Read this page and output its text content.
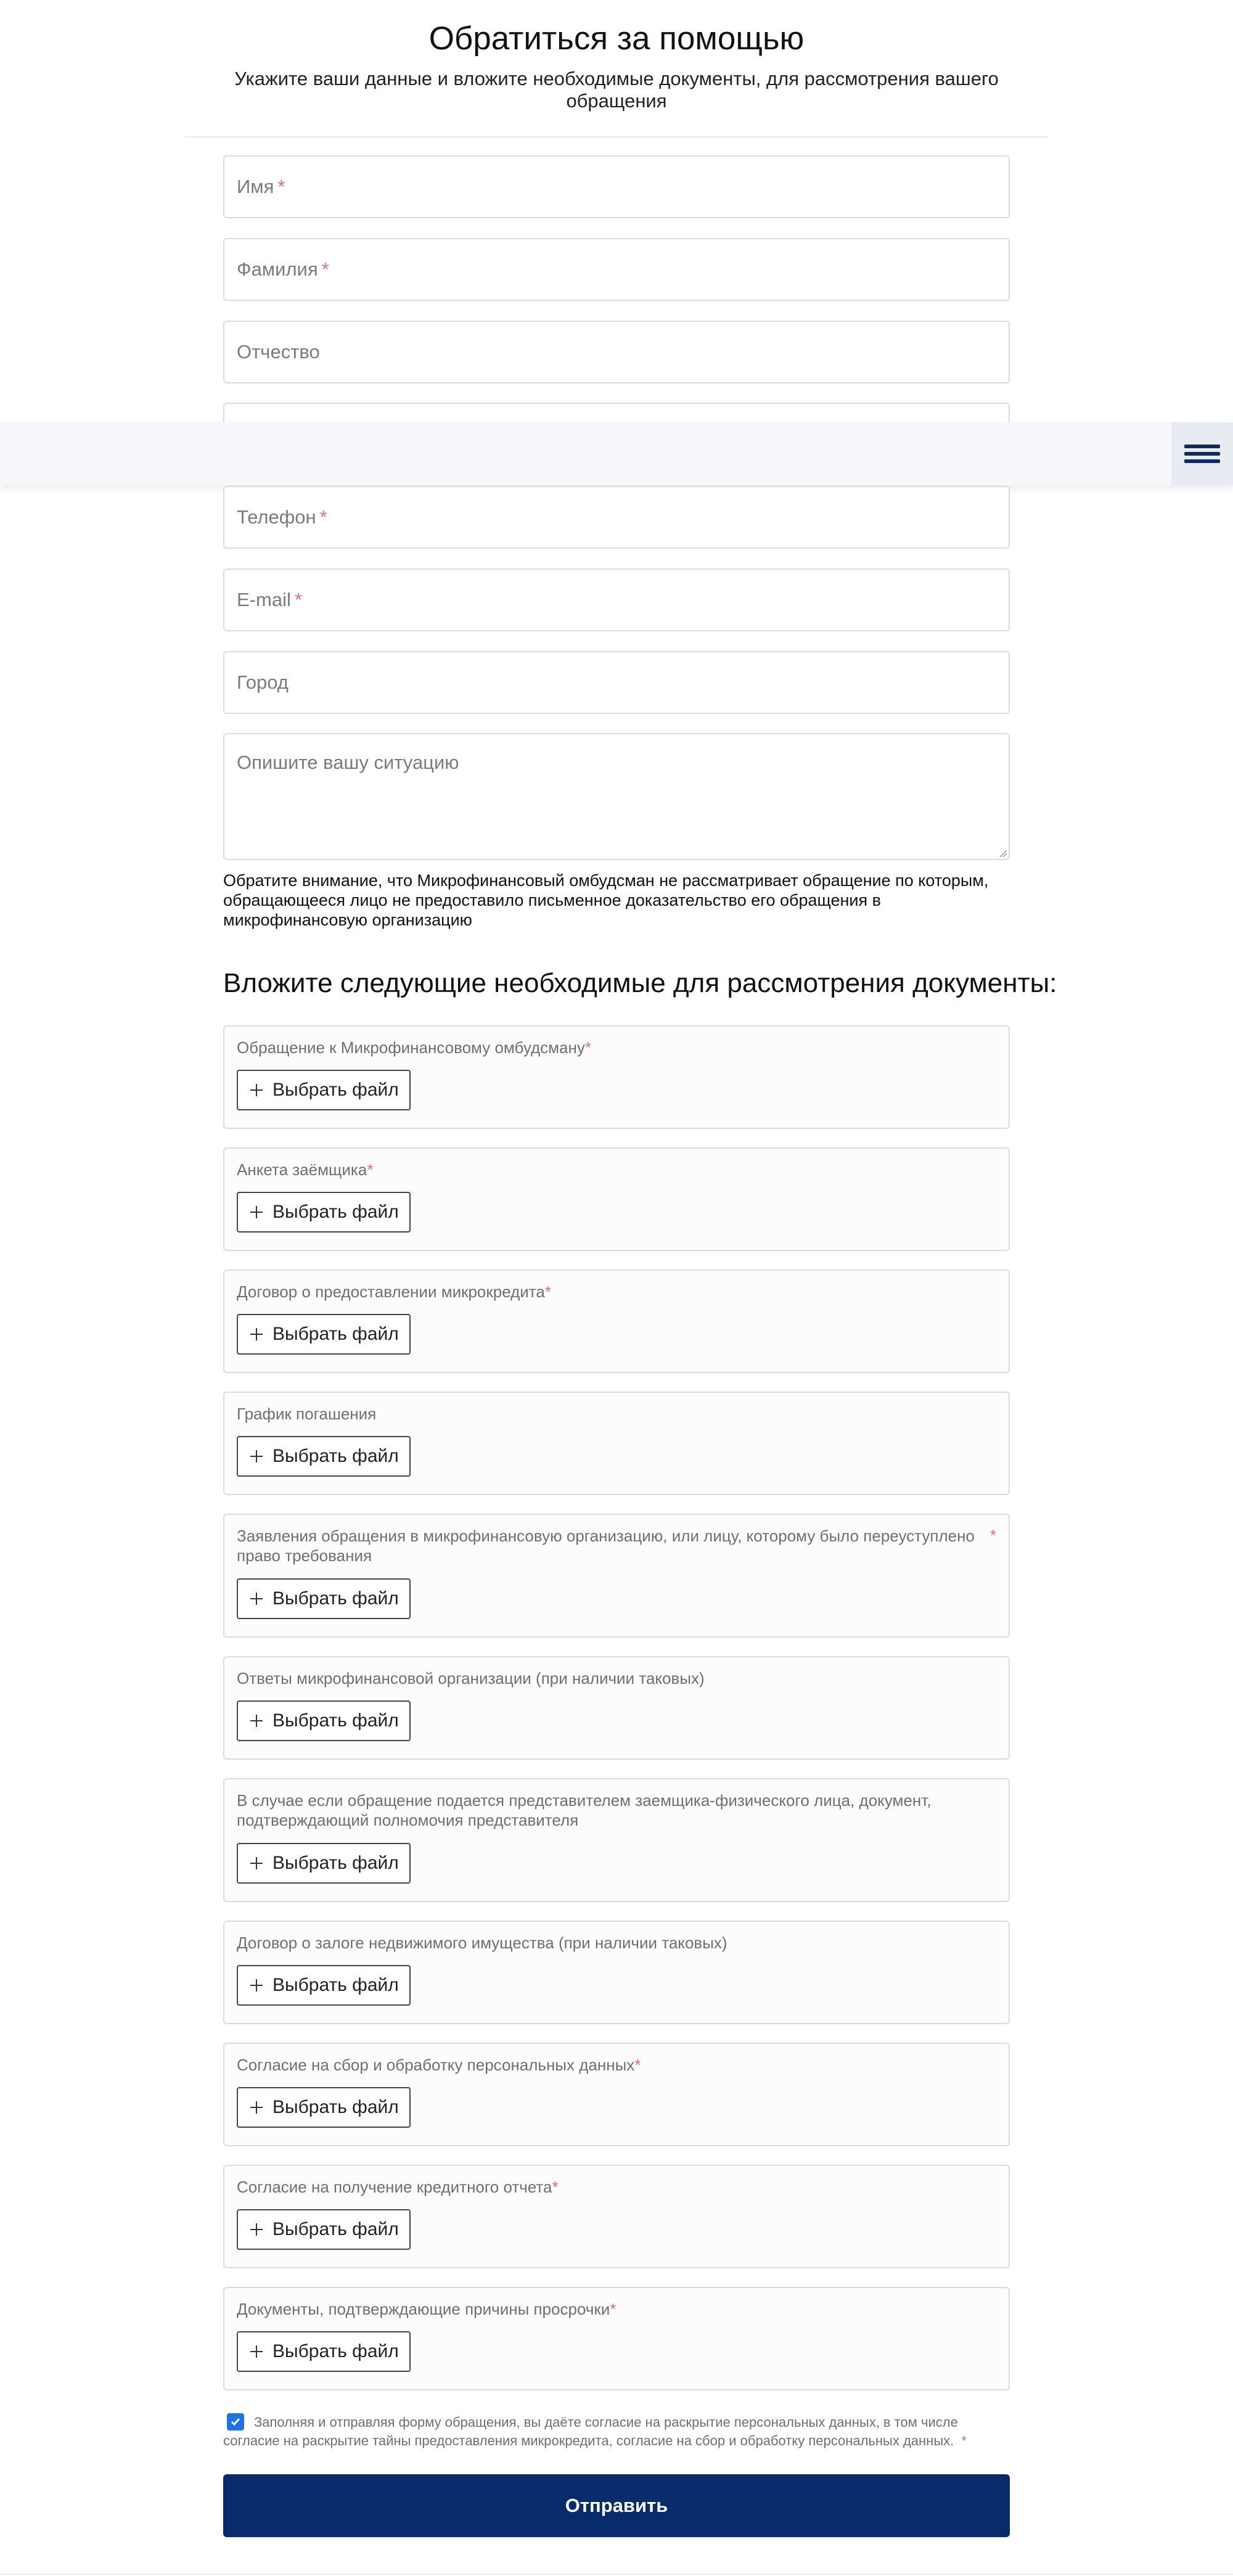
Обратиться за помощью

Укажите ваши данные и вложите необходимые документы, для рассмотрения вашего обращения

Имя *
Фамилия *
Отчество
Телефон *
E-mail *
Город
Опишите вашу ситуацию
Обратите внимание, что Микрофинансовый омбудсман не рассматривает обращение по которым, обращающееся лицо не предоставило письменное доказательство его обращения в микрофинансовую организацию
Вложите следующие необходимые для рассмотрения документы:
Обращение к Микрофинансовому омбудсману*
Выбрать файл
Анкета заёмщика*
Выбрать файл
Договор о предоставлении микрокредита*
Выбрать файл
График погашения
Выбрать файл
Заявления обращения в микрофинансовую организацию, или лицу, которому было переуступлено право требования
*
Выбрать файл
Ответы микрофинансовой организации (при наличии таковых)
Выбрать файл
В случае если обращение подается представителем заемщика-физического лица, документ, подтверждающий полномочия представителя
Выбрать файл
Договор о залоге недвижимого имущества (при наличии таковых)
Выбрать файл
Согласие на сбор и обработку персональных данных*
Выбрать файл
Согласие на получение кредитного отчета*
Выбрать файл
Документы, подтверждающие причины просрочки*
Выбрать файл
Заполняя и отправляя форму обращения, вы даёте согласие на раскрытие персональных данных, в том числе согласие на раскрытие тайны предоставления микрокредита, согласие на сбор и обработку персональных данных. *
Отправить
